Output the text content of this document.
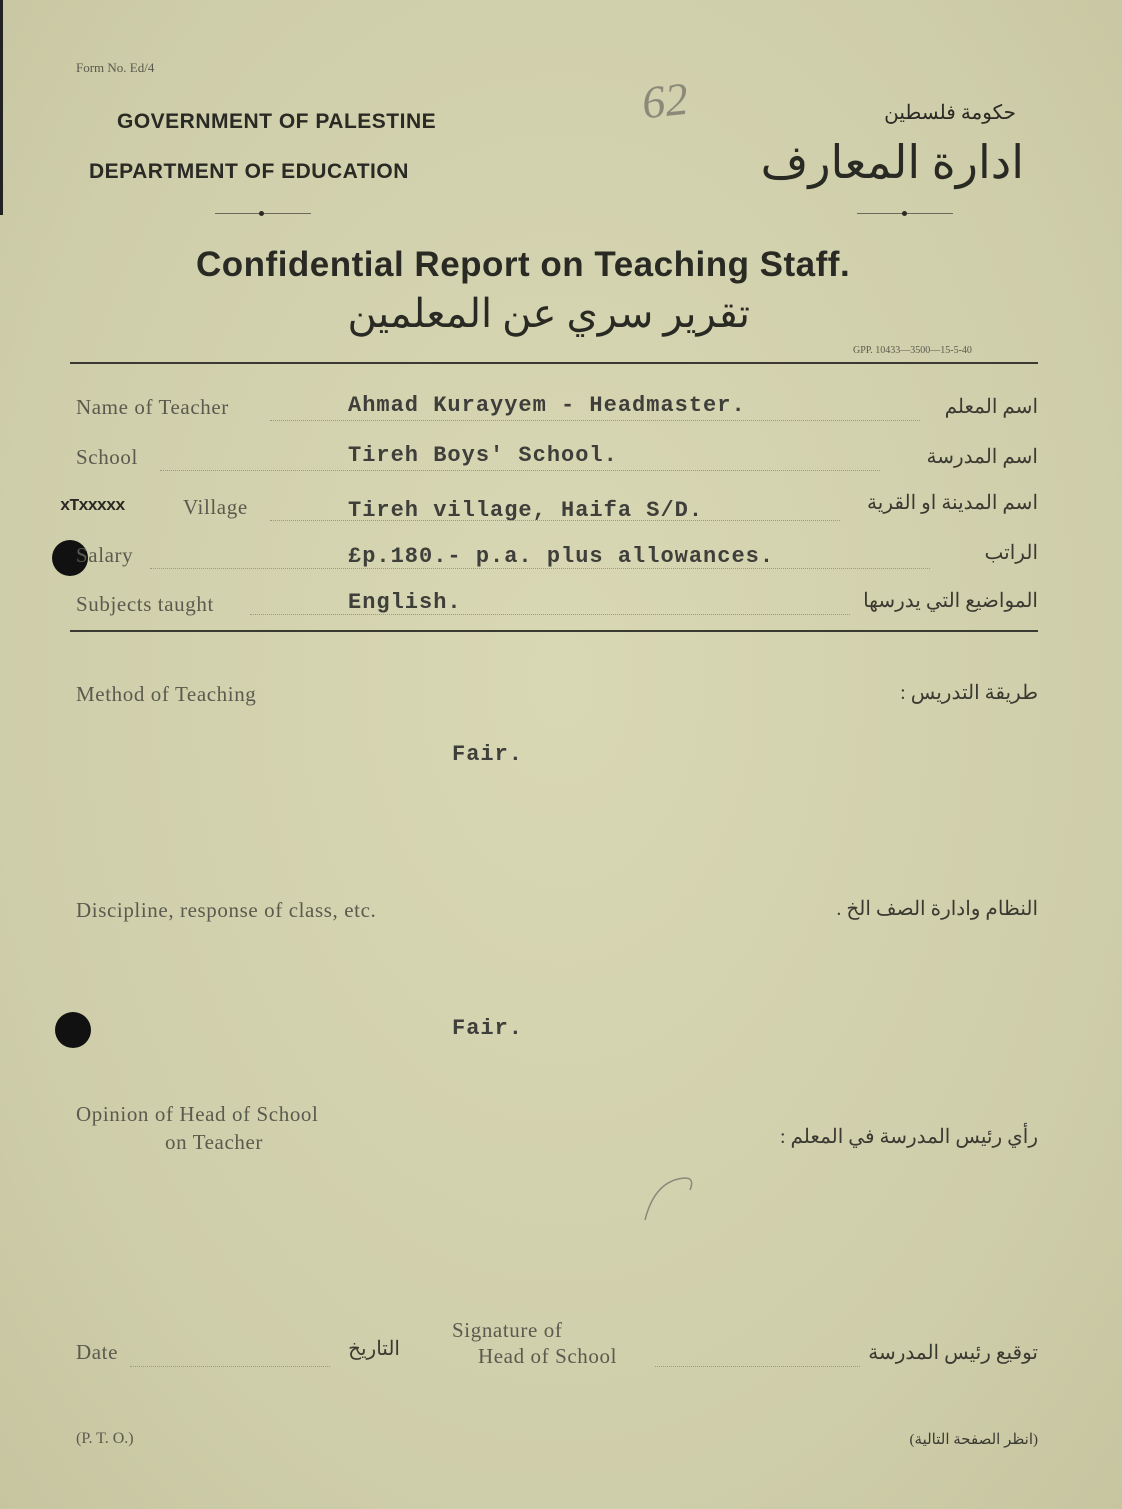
Form No. Ed/4
GOVERNMENT OF PALESTINE
DEPARTMENT OF EDUCATION
62	حكومة فلسطين
ادارة المعارف
Confidential Report on Teaching Staff.
تقرير سري عن المعلمين
GPP. 10433—3500—15-5-40
Name of Teacher	Ahmad Kurayyem - Headmaster.	اسم المعلم
School	Tireh Boys' School.	اسم المدرسة
xTxxxxx	Village	Tireh village, Haifa S/D.	اسم المدينة او القرية
Salary	£p.180.- p.a. plus allowances.	الراتب
Subjects taught	English.	المواضيع التي يدرسها
Method of Teaching	طريقة التدريس :
Fair.
Discipline, response of class, etc.	النظام وادارة الصف الخ .
Fair.
Opinion of Head of School
on Teacher	رأي رئيس المدرسة في المعلم :
Date	التاريخ
Signature of
Head of School	توقيع رئيس المدرسة
(P. T. O.)	(انظر الصفحة التالية)
